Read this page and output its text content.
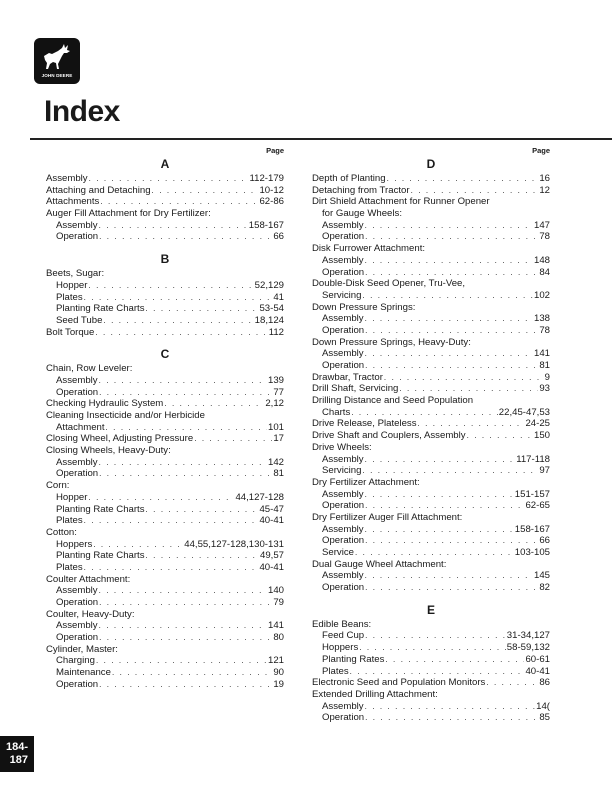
JOHN DEERE
Index
Page
A
Assembly . . .	112-179
Attaching and Detaching . . .	10-12
Attachments . . .	62-86
Auger Fill Attachment for Dry Fertilizer:
Assembly . . .	158-167
Operation . . .	66
B
Beets, Sugar:
Hopper . . .	52,129
Plates . . .	41
Planting Rate Charts . . .	53-54
Seed Tube . . .	18,124
Bolt Torque . . .	112
C
Chain, Row Leveler:
Assembly . . .	139
Operation . . .	77
Checking Hydraulic System . . .	2,12
Cleaning Insecticide and/or Herbicide
Attachment . . .	101
Closing Wheel, Adjusting Pressure . . .	17
Closing Wheels, Heavy-Duty:
Assembly . . .	142
Operation . . .	81
Corn:
Hopper . . .	44,127-128
Planting Rate Charts . . .	45-47
Plates . . .	40-41
Cotton:
Hoppers . . .	44,55,127-128,130-131
Planting Rate Charts . . .	49,57
Plates . . .	40-41
Coulter Attachment:
Assembly . . .	140
Operation . . .	79
Coulter, Heavy-Duty:
Assembly . . .	141
Operation . . .	80
Cylinder, Master:
Charging . . .	121
Maintenance . . .	90
Operation . . .	19
Page
D
Depth of Planting . . .	16
Detaching from Tractor . . .	12
Dirt Shield Attachment for Runner Opener
for Gauge Wheels:
Assembly . . .	147
Operation . . .	78
Disk Furrower Attachment:
Assembly . . .	148
Operation . . .	84
Double-Disk Seed Opener, Tru-Vee,
Servicing . . .	102
Down Pressure Springs:
Assembly . . .	138
Operation . . .	78
Down Pressure Springs, Heavy-Duty:
Assembly . . .	141
Operation . . .	81
Drawbar, Tractor . . .	9
Drill Shaft, Servicing . . .	93
Drilling Distance and Seed Population
Charts . . .	22,45-47,53
Drive Release, Plateless . . .	24-25
Drive Shaft and Couplers, Assembly . . .	150
Drive Wheels:
Assembly . . .	117-118
Servicing . . .	97
Dry Fertilizer Attachment:
Assembly . . .	151-157
Operation . . .	62-65
Dry Fertilizer Auger Fill Attachment:
Assembly . . .	158-167
Operation . . .	66
Service . . .	103-105
Dual Gauge Wheel Attachment:
Assembly . . .	145
Operation . . .	82
E
Edible Beans:
Feed Cup . . .	31-34,127
Hoppers . . .	58-59,132
Planting Rates . . .	60-61
Plates . . .	40-41
Electronic Seed and Population Monitors . . .	86
Extended Drilling Attachment:
Assembly . . .	14(
Operation . . .	85
184-
187
